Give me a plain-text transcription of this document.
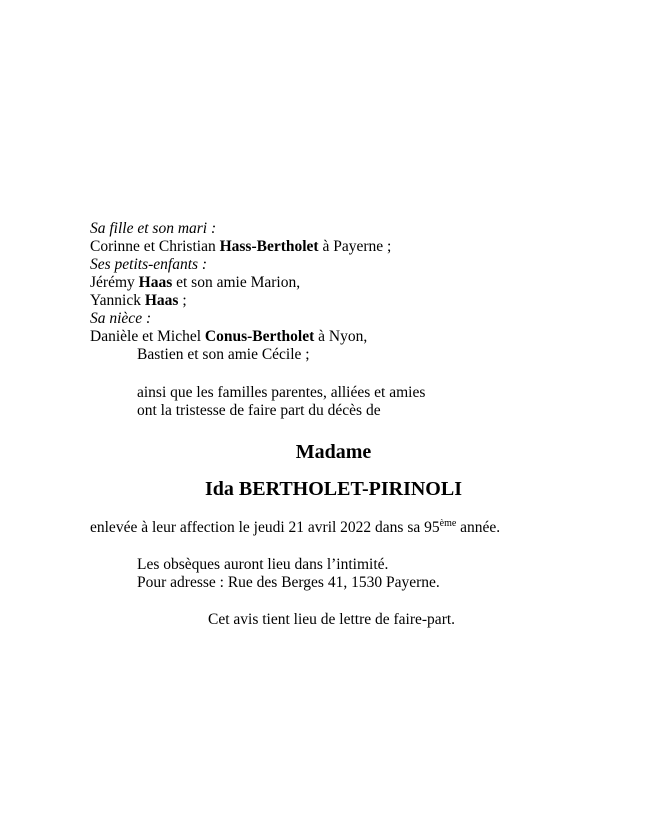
Sa fille et son mari :
Corinne et Christian Hass-Bertholet à Payerne ;
Ses petits-enfants :
Jérémy Haas et son amie Marion,
Yannick Haas ;
Sa nièce :
Danièle et Michel Conus-Bertholet à Nyon,
Bastien et son amie Cécile ;
ainsi que les familles parentes, alliées et amies
ont la tristesse de faire part du décès de
Madame
Ida BERTHOLET-PIRINOLI
enlevée à leur affection le jeudi 21 avril 2022 dans sa 95ème année.
Les obsèques auront lieu dans l’intimité.
Pour adresse : Rue des Berges 41, 1530 Payerne.
Cet avis tient lieu de lettre de faire-part.
